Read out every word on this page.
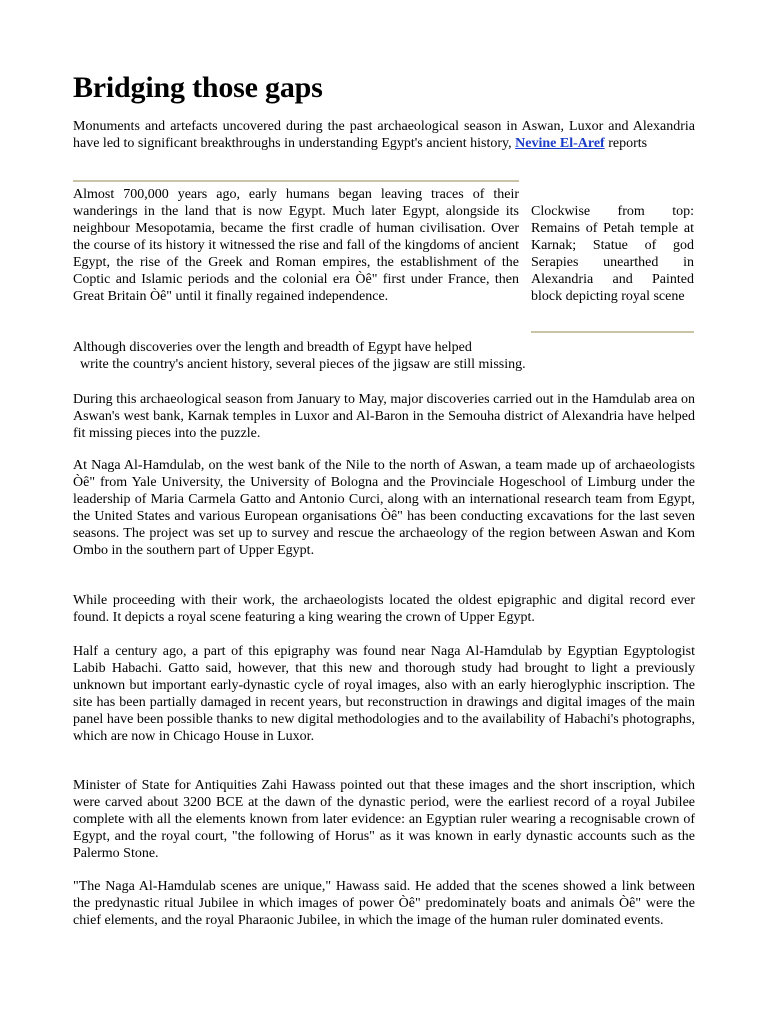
Bridging those gaps

Monuments and artefacts uncovered during the past archaeological season in Aswan, Luxor and Alexandria have led to significant breakthroughs in understanding Egypt's ancient history, Nevine El-Aref reports

Almost 700,000 years ago, early humans began leaving traces of their wanderings in the land that is now Egypt. Much later Egypt, alongside its neighbour Mesopotamia, became the first cradle of human civilisation. Over the course of its history it witnessed the rise and fall of the kingdoms of ancient Egypt, the rise of the Greek and Roman empires, the establishment of the Coptic and Islamic periods and the colonial era Òê" first under France, then Great Britain Òê" until it finally regained independence.

Clockwise from top: Remains of Petah temple at Karnak; Statue of god Serapies unearthed in Alexandria and Painted block depicting royal scene

Although discoveries over the length and breadth of Egypt have helped

write the country's ancient history, several pieces of the jigsaw are still missing.

During this archaeological season from January to May, major discoveries carried out in the Hamdulab area on Aswan's west bank, Karnak temples in Luxor and Al-Baron in the Semouha district of Alexandria have helped fit missing pieces into the puzzle.

At Naga Al-Hamdulab, on the west bank of the Nile to the north of Aswan, a team made up of archaeologists Òê" from Yale University, the University of Bologna and the Provinciale Hogeschool of Limburg under the leadership of Maria Carmela Gatto and Antonio Curci, along with an international research team from Egypt, the United States and various European organisations Òê" has been conducting excavations for the last seven seasons. The project was set up to survey and rescue the archaeology of the region between Aswan and Kom Ombo in the southern part of Upper Egypt.

While proceeding with their work, the archaeologists located the oldest epigraphic and digital record ever found. It depicts a royal scene featuring a king wearing the crown of Upper Egypt.

Half a century ago, a part of this epigraphy was found near Naga Al-Hamdulab by Egyptian Egyptologist Labib Habachi. Gatto said, however, that this new and thorough study had brought to light a previously unknown but important early-dynastic cycle of royal images, also with an early hieroglyphic inscription. The site has been partially damaged in recent years, but reconstruction in drawings and digital images of the main panel have been possible thanks to new digital methodologies and to the availability of Habachi's photographs, which are now in Chicago House in Luxor.

Minister of State for Antiquities Zahi Hawass pointed out that these images and the short inscription, which were carved about 3200 BCE at the dawn of the dynastic period, were the earliest record of a royal Jubilee complete with all the elements known from later evidence: an Egyptian ruler wearing a recognisable crown of Egypt, and the royal court, "the following of Horus" as it was known in early dynastic accounts such as the Palermo Stone.

"The Naga Al-Hamdulab scenes are unique," Hawass said. He added that the scenes showed a link between the predynastic ritual Jubilee in which images of power Òê" predominately boats and animals Òê" were the chief elements, and the royal Pharaonic Jubilee, in which the image of the human ruler dominated events.
